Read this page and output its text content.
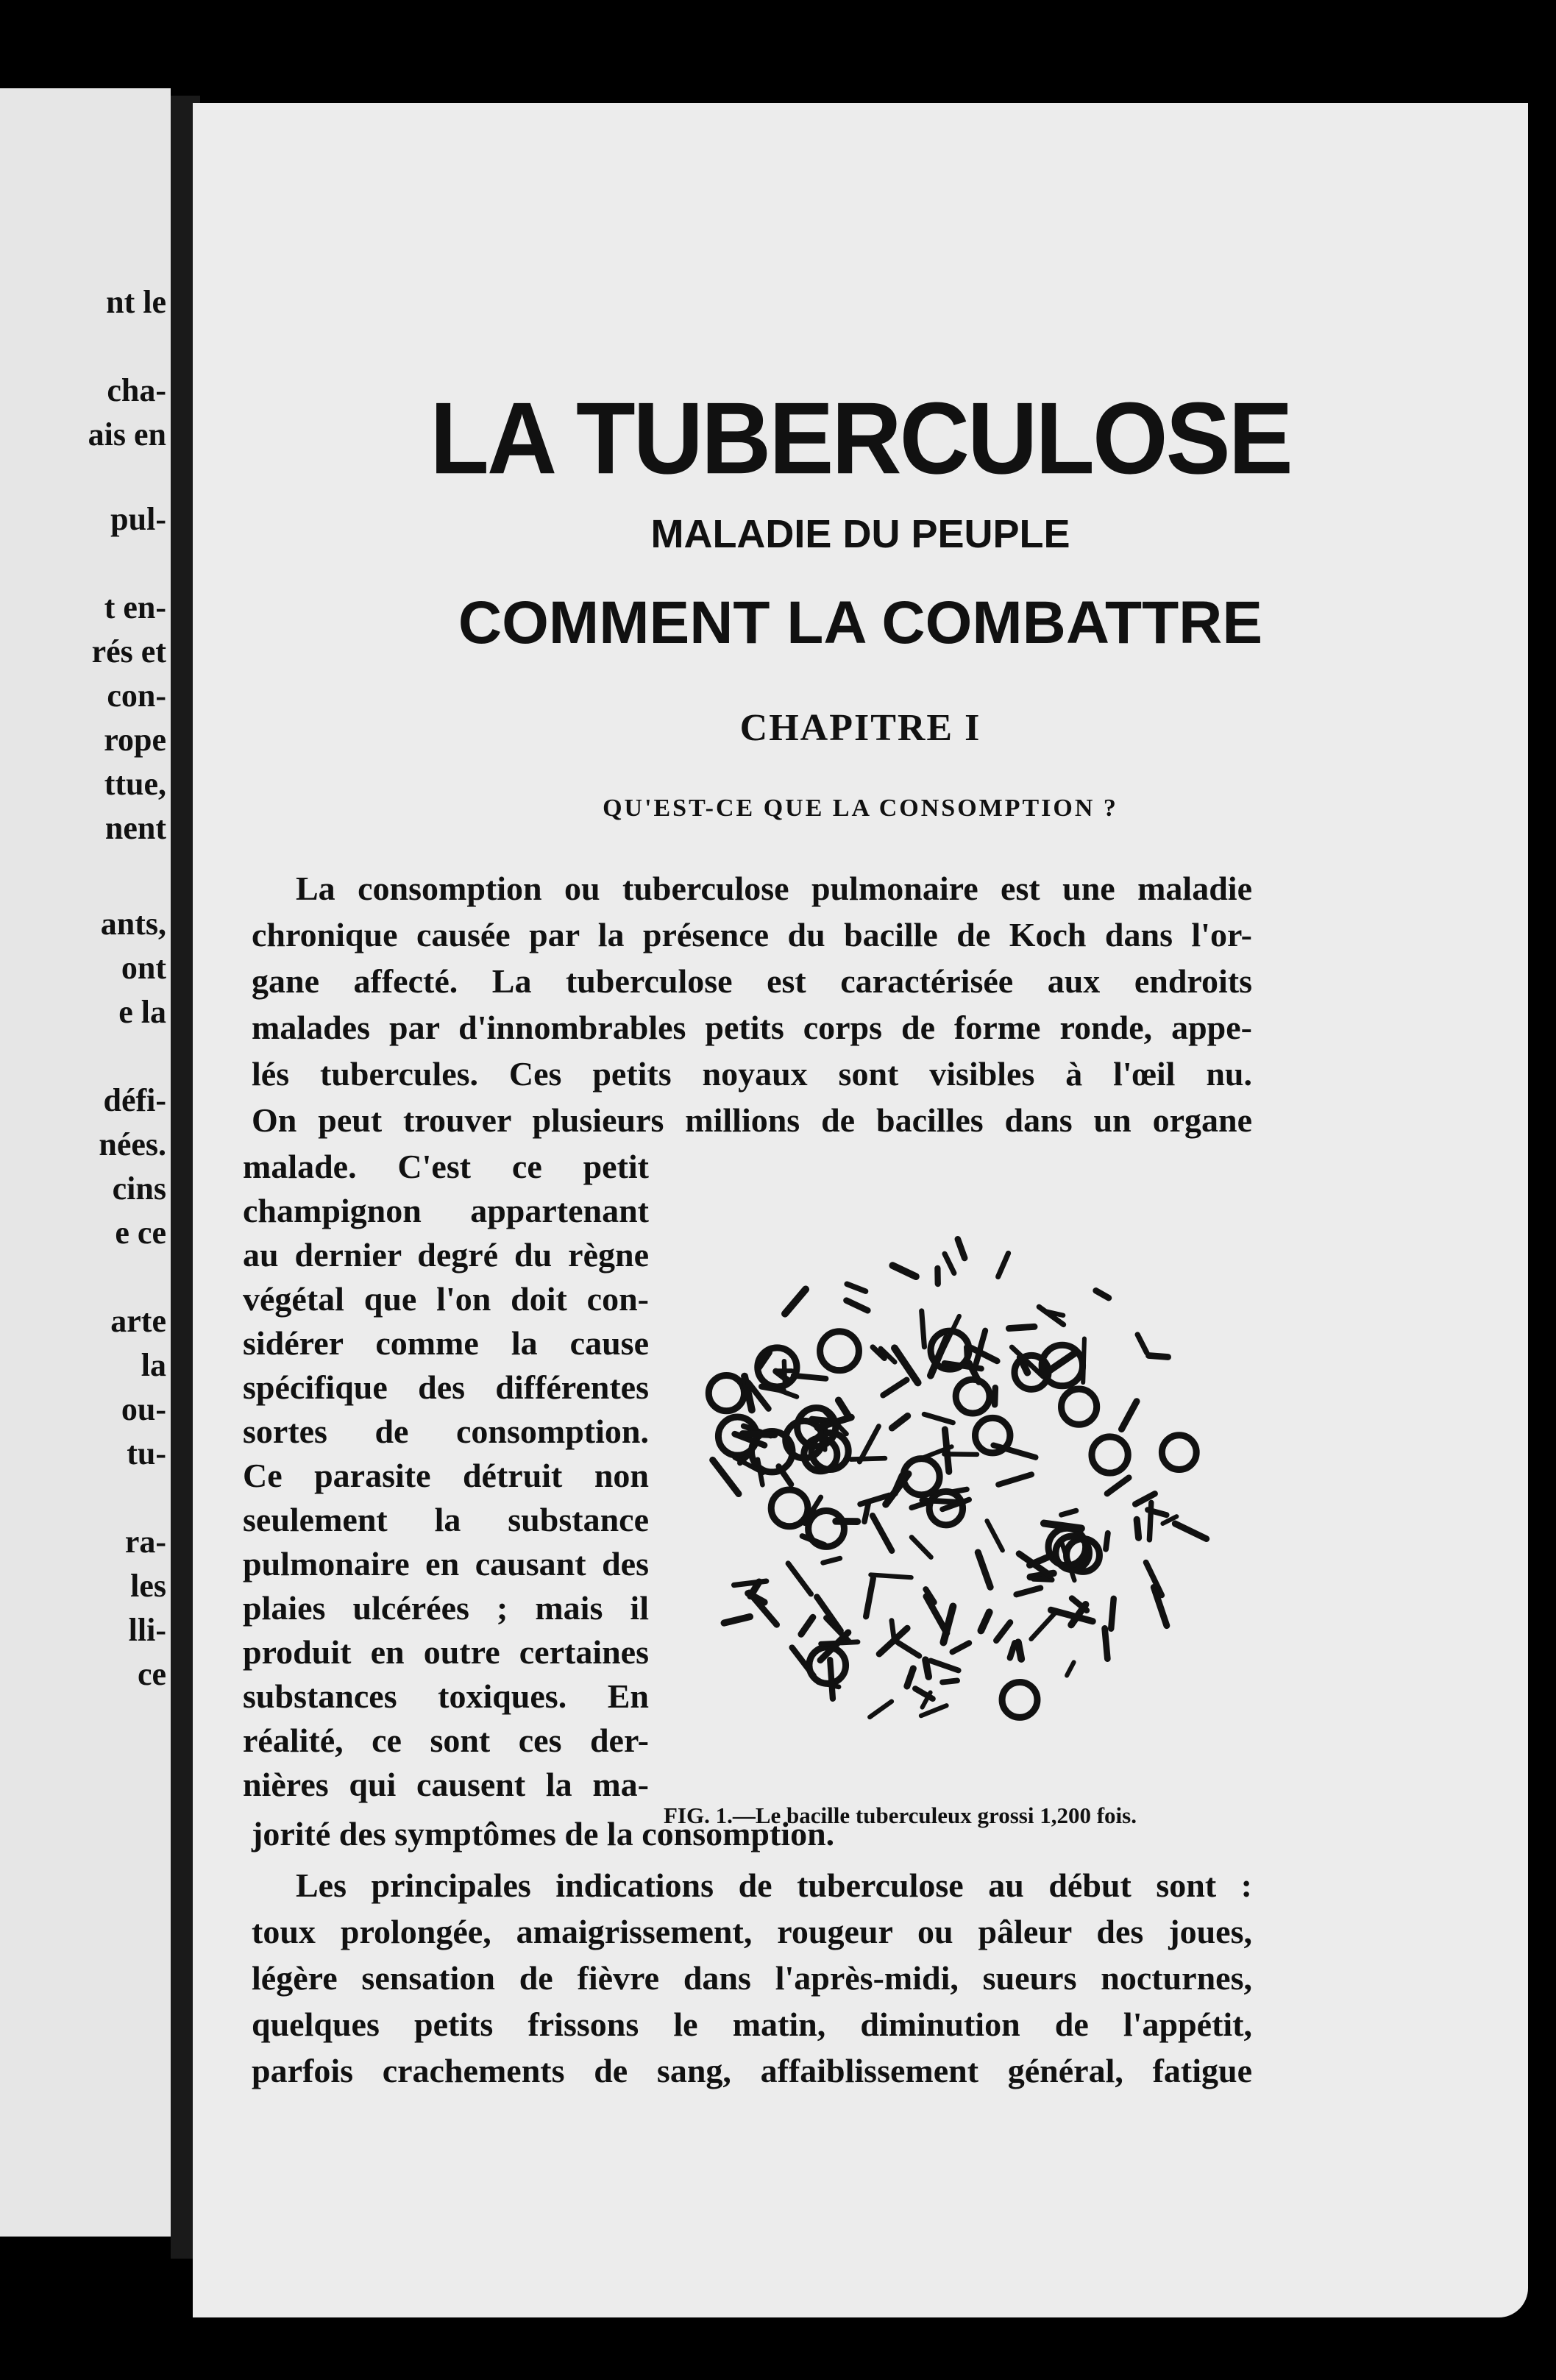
nt le
cha-
ais en
pul-
t en-
rés et
con-
rope
ttue,
nent
ants,
ont
e la
défi-
nées.
cins
e ce
arte
la
ou-
tu-
ra-
les
lli-
ce
LA TUBERCULOSE
MALADIE DU PEUPLE
COMMENT LA COMBATTRE
CHAPITRE I
QU'EST-CE QUE LA CONSOMPTION ?
La consomption ou tuberculose pulmonaire est une maladie
chronique causée par la présence du bacille de Koch dans l'or-
gane affecté. La tuberculose est caractérisée aux endroits
malades par d'innombrables petits corps de forme ronde, appe-
lés tubercules. Ces petits noyaux sont visibles à l'œil nu.
On peut trouver plusieurs millions de bacilles dans un organe
malade. C'est ce petit
champignon appartenant
au dernier degré du règne
végétal que l'on doit con-
sidérer comme la cause
spécifique des différentes
sortes de consomption.
Ce parasite détruit non
seulement la substance
pulmonaire en causant des
plaies ulcérées ; mais il
produit en outre certaines
substances toxiques. En
réalité, ce sont ces der-
nières qui causent la ma-
FIG. 1.—Le bacille tuberculeux grossi 1,200 fois.
jorité des symptômes de la consomption.
Les principales indications de tuberculose au début sont :
toux prolongée, amaigrissement, rougeur ou pâleur des joues,
légère sensation de fièvre dans l'après-midi, sueurs nocturnes,
quelques petits frissons le matin, diminution de l'appétit,
parfois crachements de sang, affaiblissement général, fatigue
